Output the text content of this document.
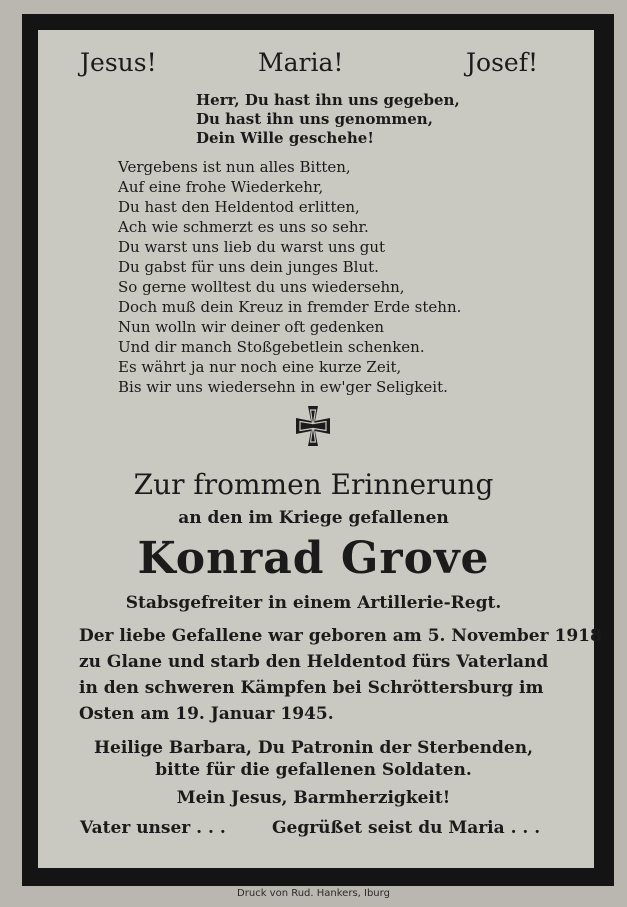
Jesus!	Maria!	Josef!
Herr, Du hast ihn uns gegeben,
Du hast ihn uns genommen,
Dein Wille geschehe!
Vergebens ist nun alles Bitten,
Auf eine frohe Wiederkehr,
Du hast den Heldentod erlitten,
Ach wie schmerzt es uns so sehr.
Du warst uns lieb du warst uns gut
Du gabst für uns dein junges Blut.
So gerne wolltest du uns wiedersehn,
Doch muß dein Kreuz in fremder Erde stehn.
Nun wolln wir deiner oft gedenken
Und dir manch Stoßgebetlein schenken.
Es währt ja nur noch eine kurze Zeit,
Bis wir uns wiedersehn in ew'ger Seligkeit.
Zur frommen Erinnerung
an den im Kriege gefallenen
Konrad Grove
Stabsgefreiter in einem Artillerie-Regt.
Der liebe Gefallene war geboren am 5. November 1918
zu Glane und starb den Heldentod fürs Vaterland
in den schweren Kämpfen bei Schröttersburg im
Osten am 19. Januar 1945.
Heilige Barbara, Du Patronin der Sterbenden,
bitte für die gefallenen Soldaten.
Mein Jesus, Barmherzigkeit!
Vater unser . . .	Gegrüßet seist du Maria . . .
Druck von Rud. Hankers, Iburg
